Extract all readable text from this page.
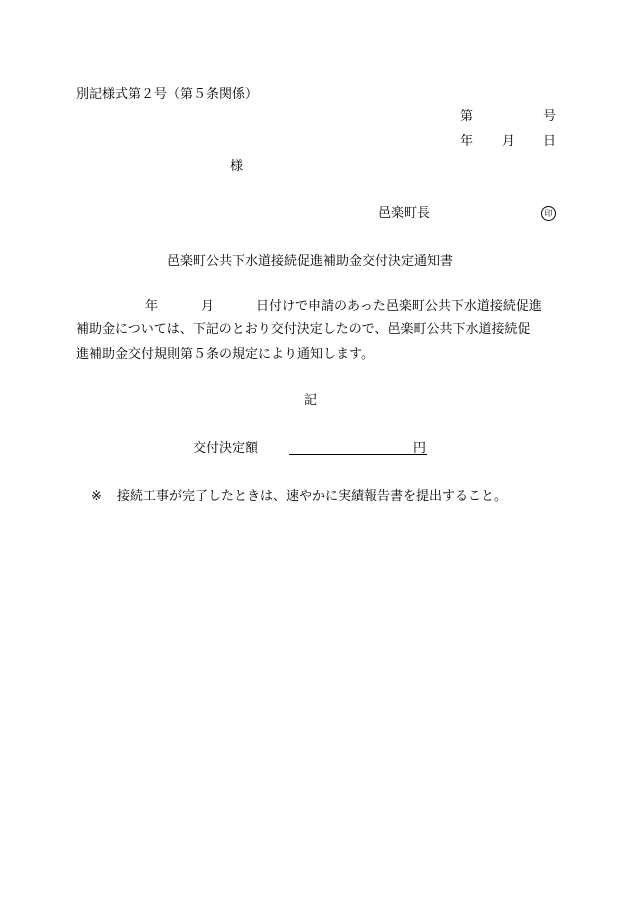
別記様式第２号（第５条関係）
第	号
年 月 日
様
邑楽町長	印
邑楽町公共下水道接続促進補助金交付決定通知書
年	月	日付けで申請のあった邑楽町公共下水道接続促進
補助金については、下記のとおり交付決定したので、邑楽町公共下水道接続促
進補助金交付規則第５条の規定により通知します。
記
交付決定額	円
※ 接続工事が完了したときは、速やかに実績報告書を提出すること。
